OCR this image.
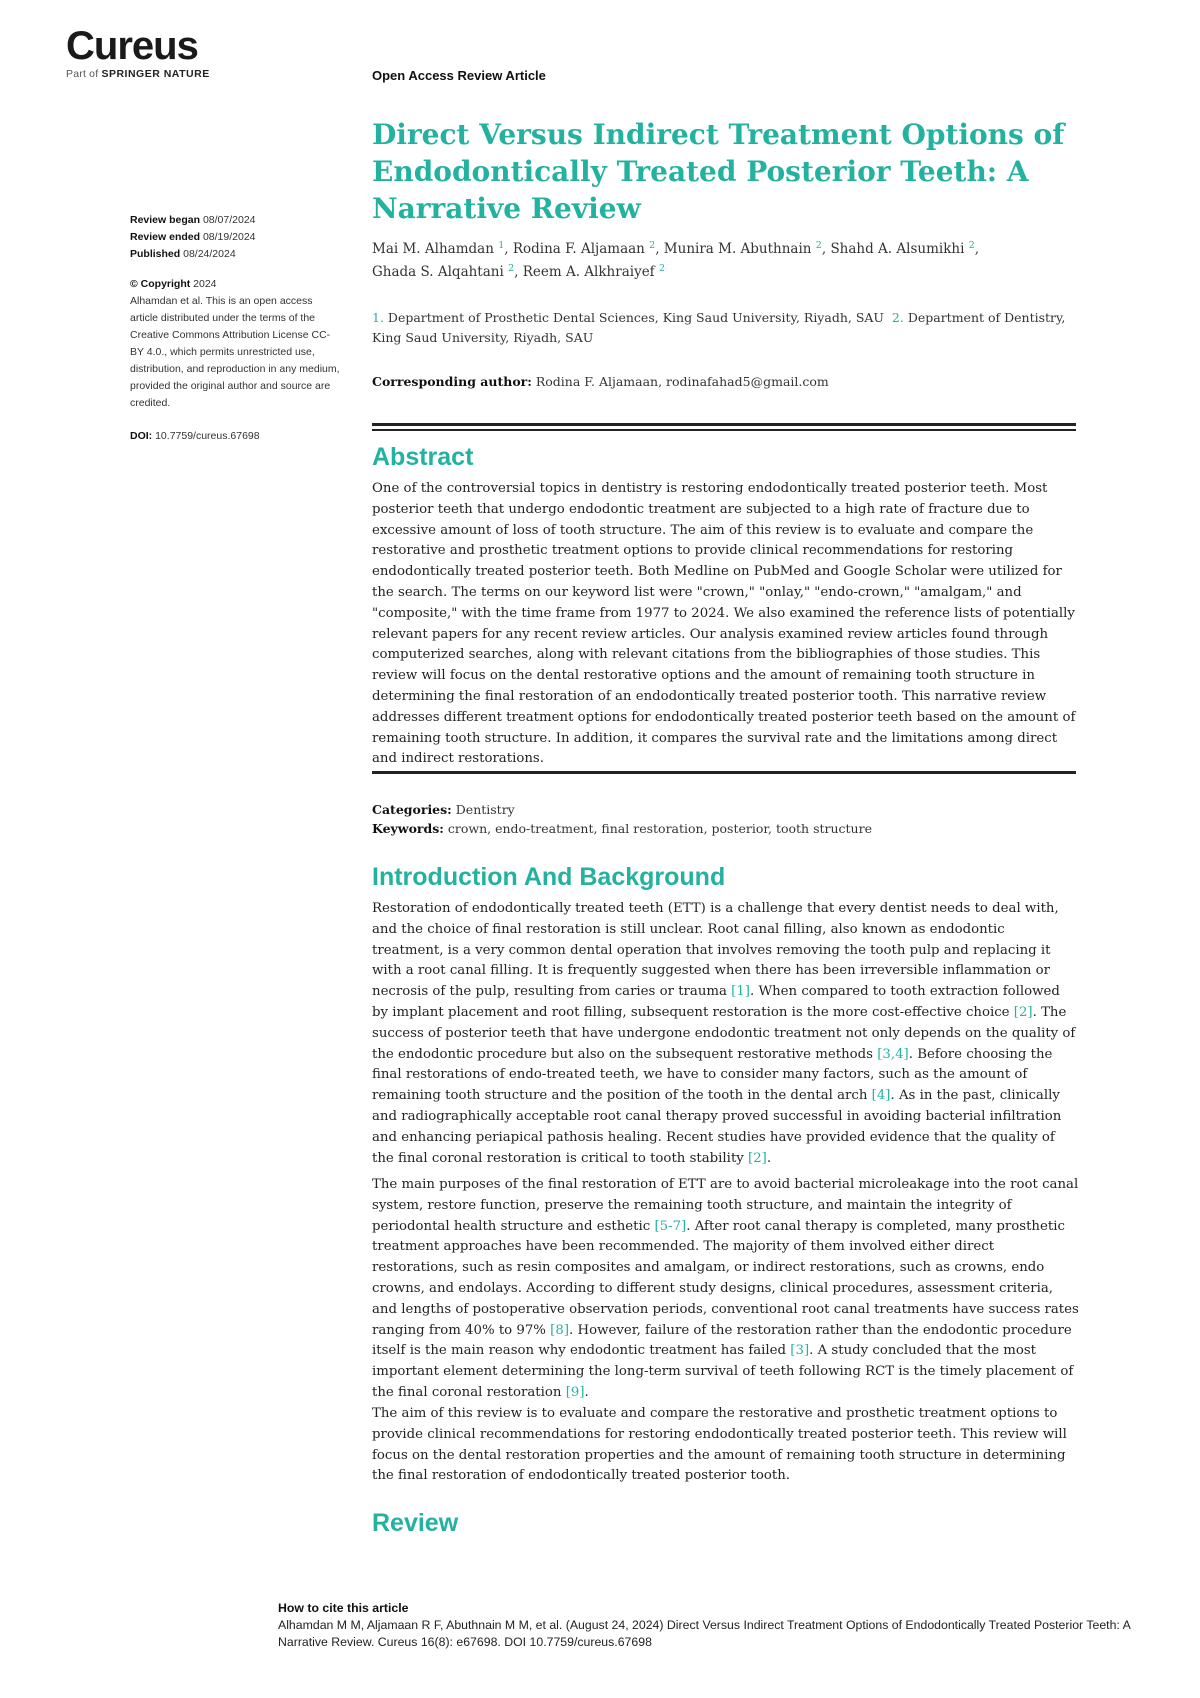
Cureus
Part of SPRINGER NATURE	Open Access Review Article
Direct Versus Indirect Treatment Options of Endodontically Treated Posterior Teeth: A Narrative Review
Review began 08/07/2024
Review ended 08/19/2024
Published 08/24/2024
© Copyright 2024
Alhamdan et al. This is an open access article distributed under the terms of the Creative Commons Attribution License CC-BY 4.0., which permits unrestricted use, distribution, and reproduction in any medium, provided the original author and source are credited.
DOI: 10.7759/cureus.67698
Mai M. Alhamdan $^1$, Rodina F. Aljamaan $^2$, Munira M. Abuthnain $^2$, Shahd A. Alsumikhi $^2$,
Ghada S. Alqahtani $^2$, Reem A. Alkhraiyef $^2$
1. Department of Prosthetic Dental Sciences, King Saud University, Riyadh, SAU 2. Department of Dentistry, King Saud University, Riyadh, SAU
Corresponding author: Rodina F. Aljamaan, rodinafahad5@gmail.com
Abstract

One of the controversial topics in dentistry is restoring endodontically treated posterior teeth. Most posterior teeth that undergo endodontic treatment are subjected to a high rate of fracture due to excessive amount of loss of tooth structure. The aim of this review is to evaluate and compare the restorative and prosthetic treatment options to provide clinical recommendations for restoring endodontically treated posterior teeth. Both Medline on PubMed and Google Scholar were utilized for the search. The terms on our keyword list were "crown," "onlay," "endo-crown," "amalgam," and "composite," with the time frame from 1977 to 2024. We also examined the reference lists of potentially relevant papers for any recent review articles. Our analysis examined review articles found through computerized searches, along with relevant citations from the bibliographies of those studies. This review will focus on the dental restorative options and the amount of remaining tooth structure in determining the final restoration of an endodontically treated posterior tooth. This narrative review addresses different treatment options for endodontically treated posterior teeth based on the amount of remaining tooth structure. In addition, it compares the survival rate and the limitations among direct and indirect restorations.

Categories: Dentistry
Keywords: crown, endo-treatment, final restoration, posterior, tooth structure
Introduction And Background

Restoration of endodontically treated teeth (ETT) is a challenge that every dentist needs to deal with, and the choice of final restoration is still unclear. Root canal filling, also known as endodontic treatment, is a very common dental operation that involves removing the tooth pulp and replacing it with a root canal filling. It is frequently suggested when there has been irreversible inflammation or necrosis of the pulp, resulting from caries or trauma [1]. When compared to tooth extraction followed by implant placement and root filling, subsequent restoration is the more cost-effective choice [2]. The success of posterior teeth that have undergone endodontic treatment not only depends on the quality of the endodontic procedure but also on the subsequent restorative methods [3,4]. Before choosing the final restorations of endo-treated teeth, we have to consider many factors, such as the amount of remaining tooth structure and the position of the tooth in the dental arch [4]. As in the past, clinically and radiographically acceptable root canal therapy proved successful in avoiding bacterial infiltration and enhancing periapical pathosis healing. Recent studies have provided evidence that the quality of the final coronal restoration is critical to tooth stability [2].

The main purposes of the final restoration of ETT are to avoid bacterial microleakage into the root canal system, restore function, preserve the remaining tooth structure, and maintain the integrity of periodontal health structure and esthetic [5-7]. After root canal therapy is completed, many prosthetic treatment approaches have been recommended. The majority of them involved either direct restorations, such as resin composites and amalgam, or indirect restorations, such as crowns, endo crowns, and endolays. According to different study designs, clinical procedures, assessment criteria, and lengths of postoperative observation periods, conventional root canal treatments have success rates ranging from 40% to 97% [8]. However, failure of the restoration rather than the endodontic procedure itself is the main reason why endodontic treatment has failed [3]. A study concluded that the most important element determining the long-term survival of teeth following RCT is the timely placement of the final coronal restoration [9].

The aim of this review is to evaluate and compare the restorative and prosthetic treatment options to provide clinical recommendations for restoring endodontically treated posterior teeth. This review will focus on the dental restoration properties and the amount of remaining tooth structure in determining the final restoration of endodontically treated posterior tooth.

Review
How to cite this article
Alhamdan M M, Aljamaan R F, Abuthnain M M, et al. (August 24, 2024) Direct Versus Indirect Treatment Options of Endodontically Treated Posterior Teeth: A Narrative Review. Cureus 16(8): e67698. DOI 10.7759/cureus.67698
